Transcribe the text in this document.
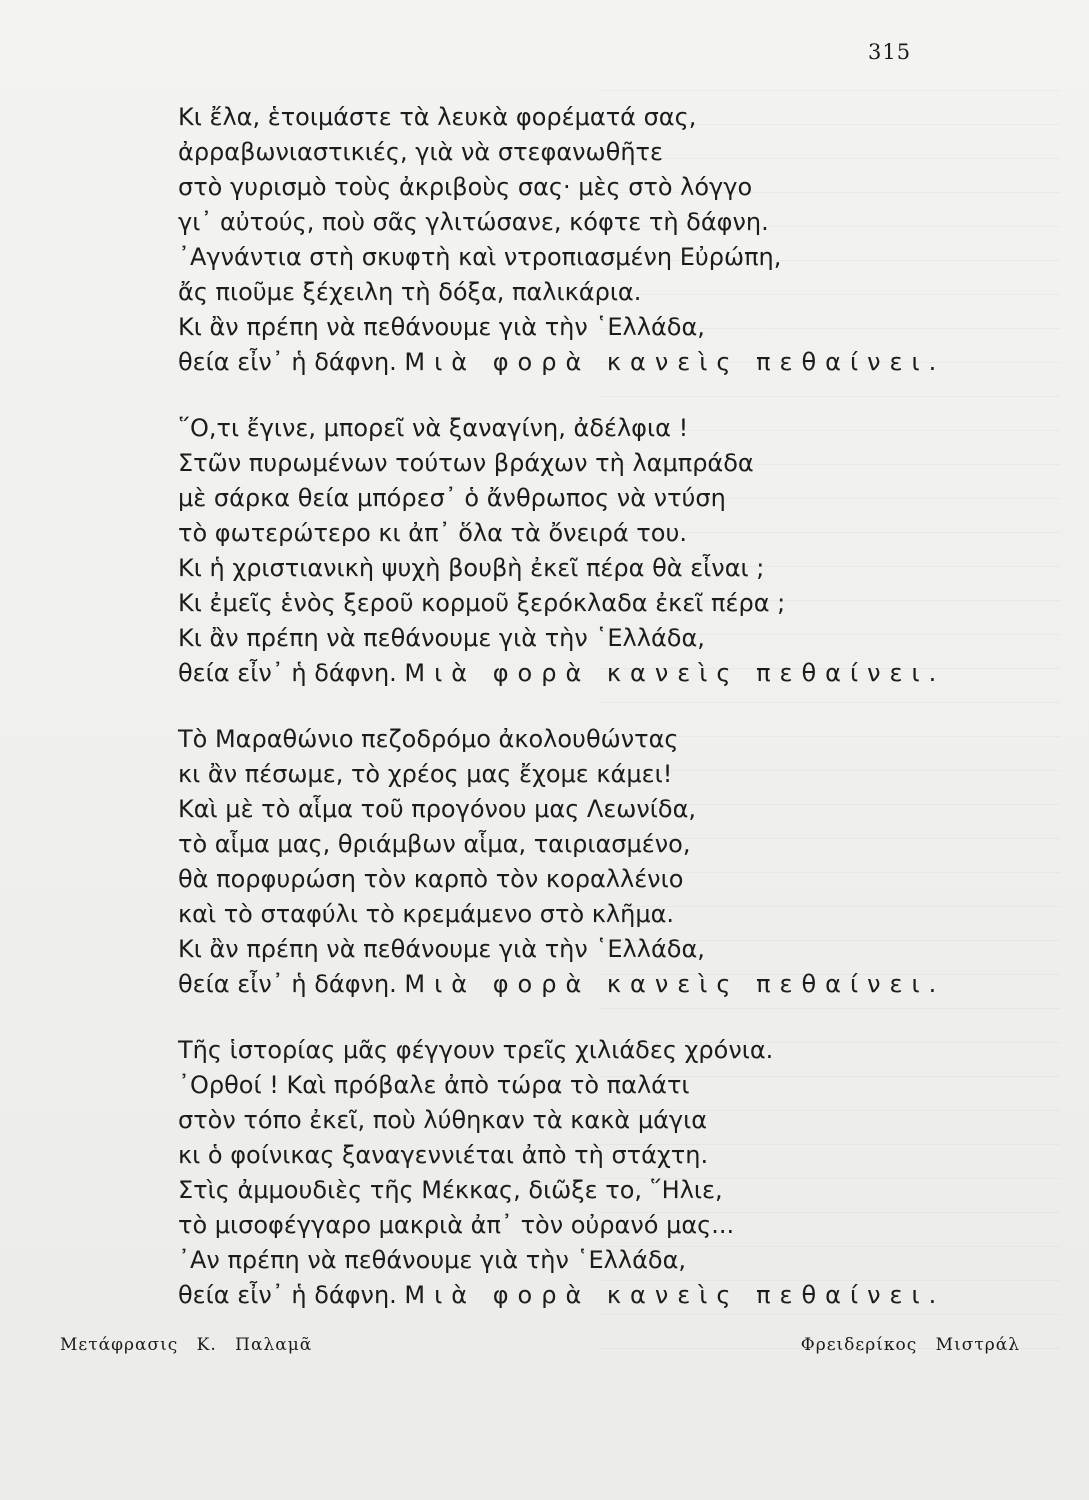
315
Κι ἔλα, ἑτοιμάστε τὰ λευκὰ φορέματά σας,
ἀρραβωνιαστικιές, γιὰ νὰ στεφανωθῆτε
στὸ γυρισμὸ τοὺς ἀκριβοὺς σας· μὲς στὸ λόγγο
γι᾽ αὐτούς, ποὺ σᾶς γλιτώσανε, κόφτε τὴ δάφνη.
᾽Αγνάντια στὴ σκυφτὴ καὶ ντροπιασμένη Εὐρώπη,
ἄς πιοῦμε ξέχειλη τὴ δόξα, παλικάρια.
Κι ἂν πρέπη νὰ πεθάνουμε γιὰ τὴν ῾Ελλάδα,
θεία εἶν᾽ ἡ δάφνη. Μιὰ φορὰ κανεὶς πεθαίνει.
῞Ο,τι ἔγινε, μπορεῖ νὰ ξαναγίνη, ἀδέλφια !
Στῶν πυρωμένων τούτων βράχων τὴ λαμπράδα
μὲ σάρκα θεία μπόρεσ᾽ ὁ ἄνθρωπος νὰ ντύση
τὸ φωτερώτερο κι ἀπ᾽ ὅλα τὰ ὄνειρά του.
Κι ἡ χριστιανικὴ ψυχὴ βουβὴ ἐκεῖ πέρα θὰ εἶναι ;
Κι ἐμεῖς ἑνὸς ξεροῦ κορμοῦ ξερόκλαδα ἐκεῖ πέρα ;
Κι ἂν πρέπη νὰ πεθάνουμε γιὰ τὴν ῾Ελλάδα,
θεία εἶν᾽ ἡ δάφνη. Μιὰ φορὰ κανεὶς πεθαίνει.
Τὸ Μαραθώνιο πεζοδρόμο ἀκολουθώντας
κι ἂν πέσωμε, τὸ χρέος μας ἔχομε κάμει!
Καὶ μὲ τὸ αἷμα τοῦ προγόνου μας Λεωνίδα,
τὸ αἷμα μας, θριάμβων αἷμα, ταιριασμένο,
θὰ πορφυρώση τὸν καρπὸ τὸν κοραλλένιο
καὶ τὸ σταφύλι τὸ κρεμάμενο στὸ κλῆμα.
Κι ἂν πρέπη νὰ πεθάνουμε γιὰ τὴν ῾Ελλάδα,
θεία εἶν᾽ ἡ δάφνη. Μιὰ φορὰ κανεὶς πεθαίνει.
Τῆς ἱστορίας μᾶς φέγγουν τρεῖς χιλιάδες χρόνια.
᾽Ορθοί ! Καὶ πρόβαλε ἀπὸ τώρα τὸ παλάτι
στὸν τόπο ἐκεῖ, ποὺ λύθηκαν τὰ κακὰ μάγια
κι ὁ φοίνικας ξαναγεννιέται ἀπὸ τὴ στάχτη.
Στὶς ἀμμουδιὲς τῆς Μέκκας, διῶξε το, ῞Ηλιε,
τὸ μισοφέγγαρο μακριὰ ἀπ᾽ τὸν οὐρανό μας...
᾽Αν πρέπη νὰ πεθάνουμε γιὰ τὴν ῾Ελλάδα,
θεία εἶν᾽ ἡ δάφνη. Μιὰ φορὰ κανεὶς πεθαίνει.
Μετάφρασις Κ. Παλαμᾶ	Φρειδερίκος Μιστράλ
